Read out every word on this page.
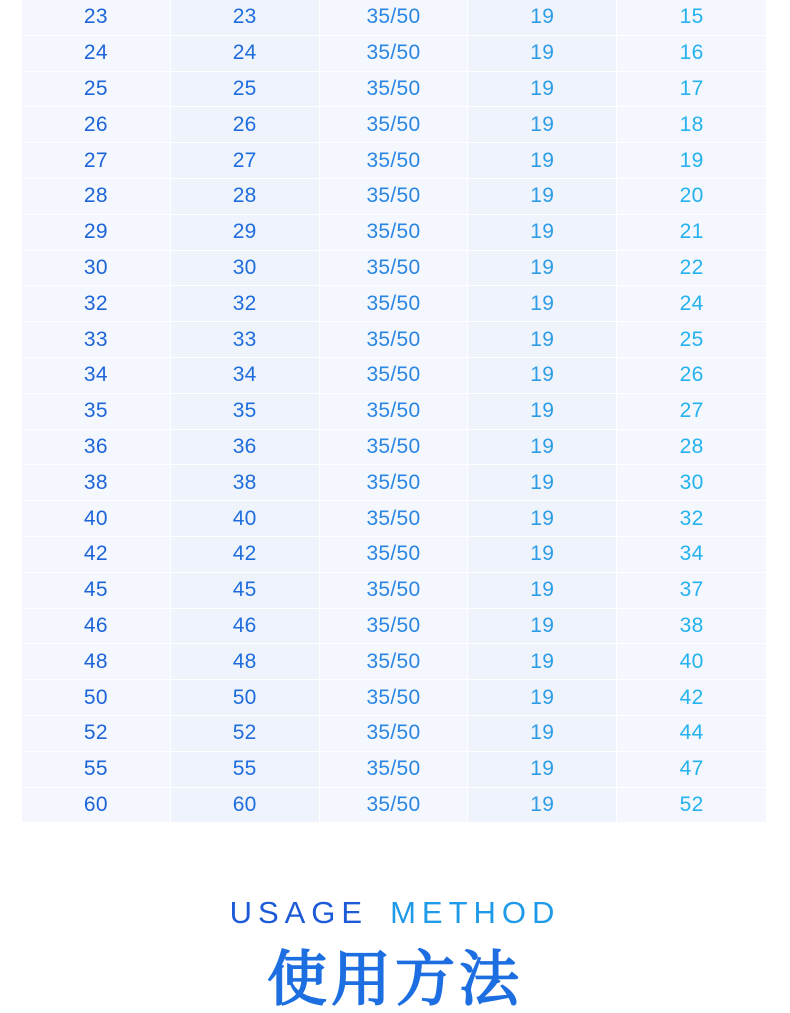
23	23	35/50	19	15
24	24	35/50	19	16
25	25	35/50	19	17
26	26	35/50	19	18
27	27	35/50	19	19
28	28	35/50	19	20
29	29	35/50	19	21
30	30	35/50	19	22
32	32	35/50	19	24
33	33	35/50	19	25
34	34	35/50	19	26
35	35	35/50	19	27
36	36	35/50	19	28
38	38	35/50	19	30
40	40	35/50	19	32
42	42	35/50	19	34
45	45	35/50	19	37
46	46	35/50	19	38
48	48	35/50	19	40
50	50	35/50	19	42
52	52	35/50	19	44
55	55	35/50	19	47
60	60	35/50	19	52
USAGE METHOD
使用方法
